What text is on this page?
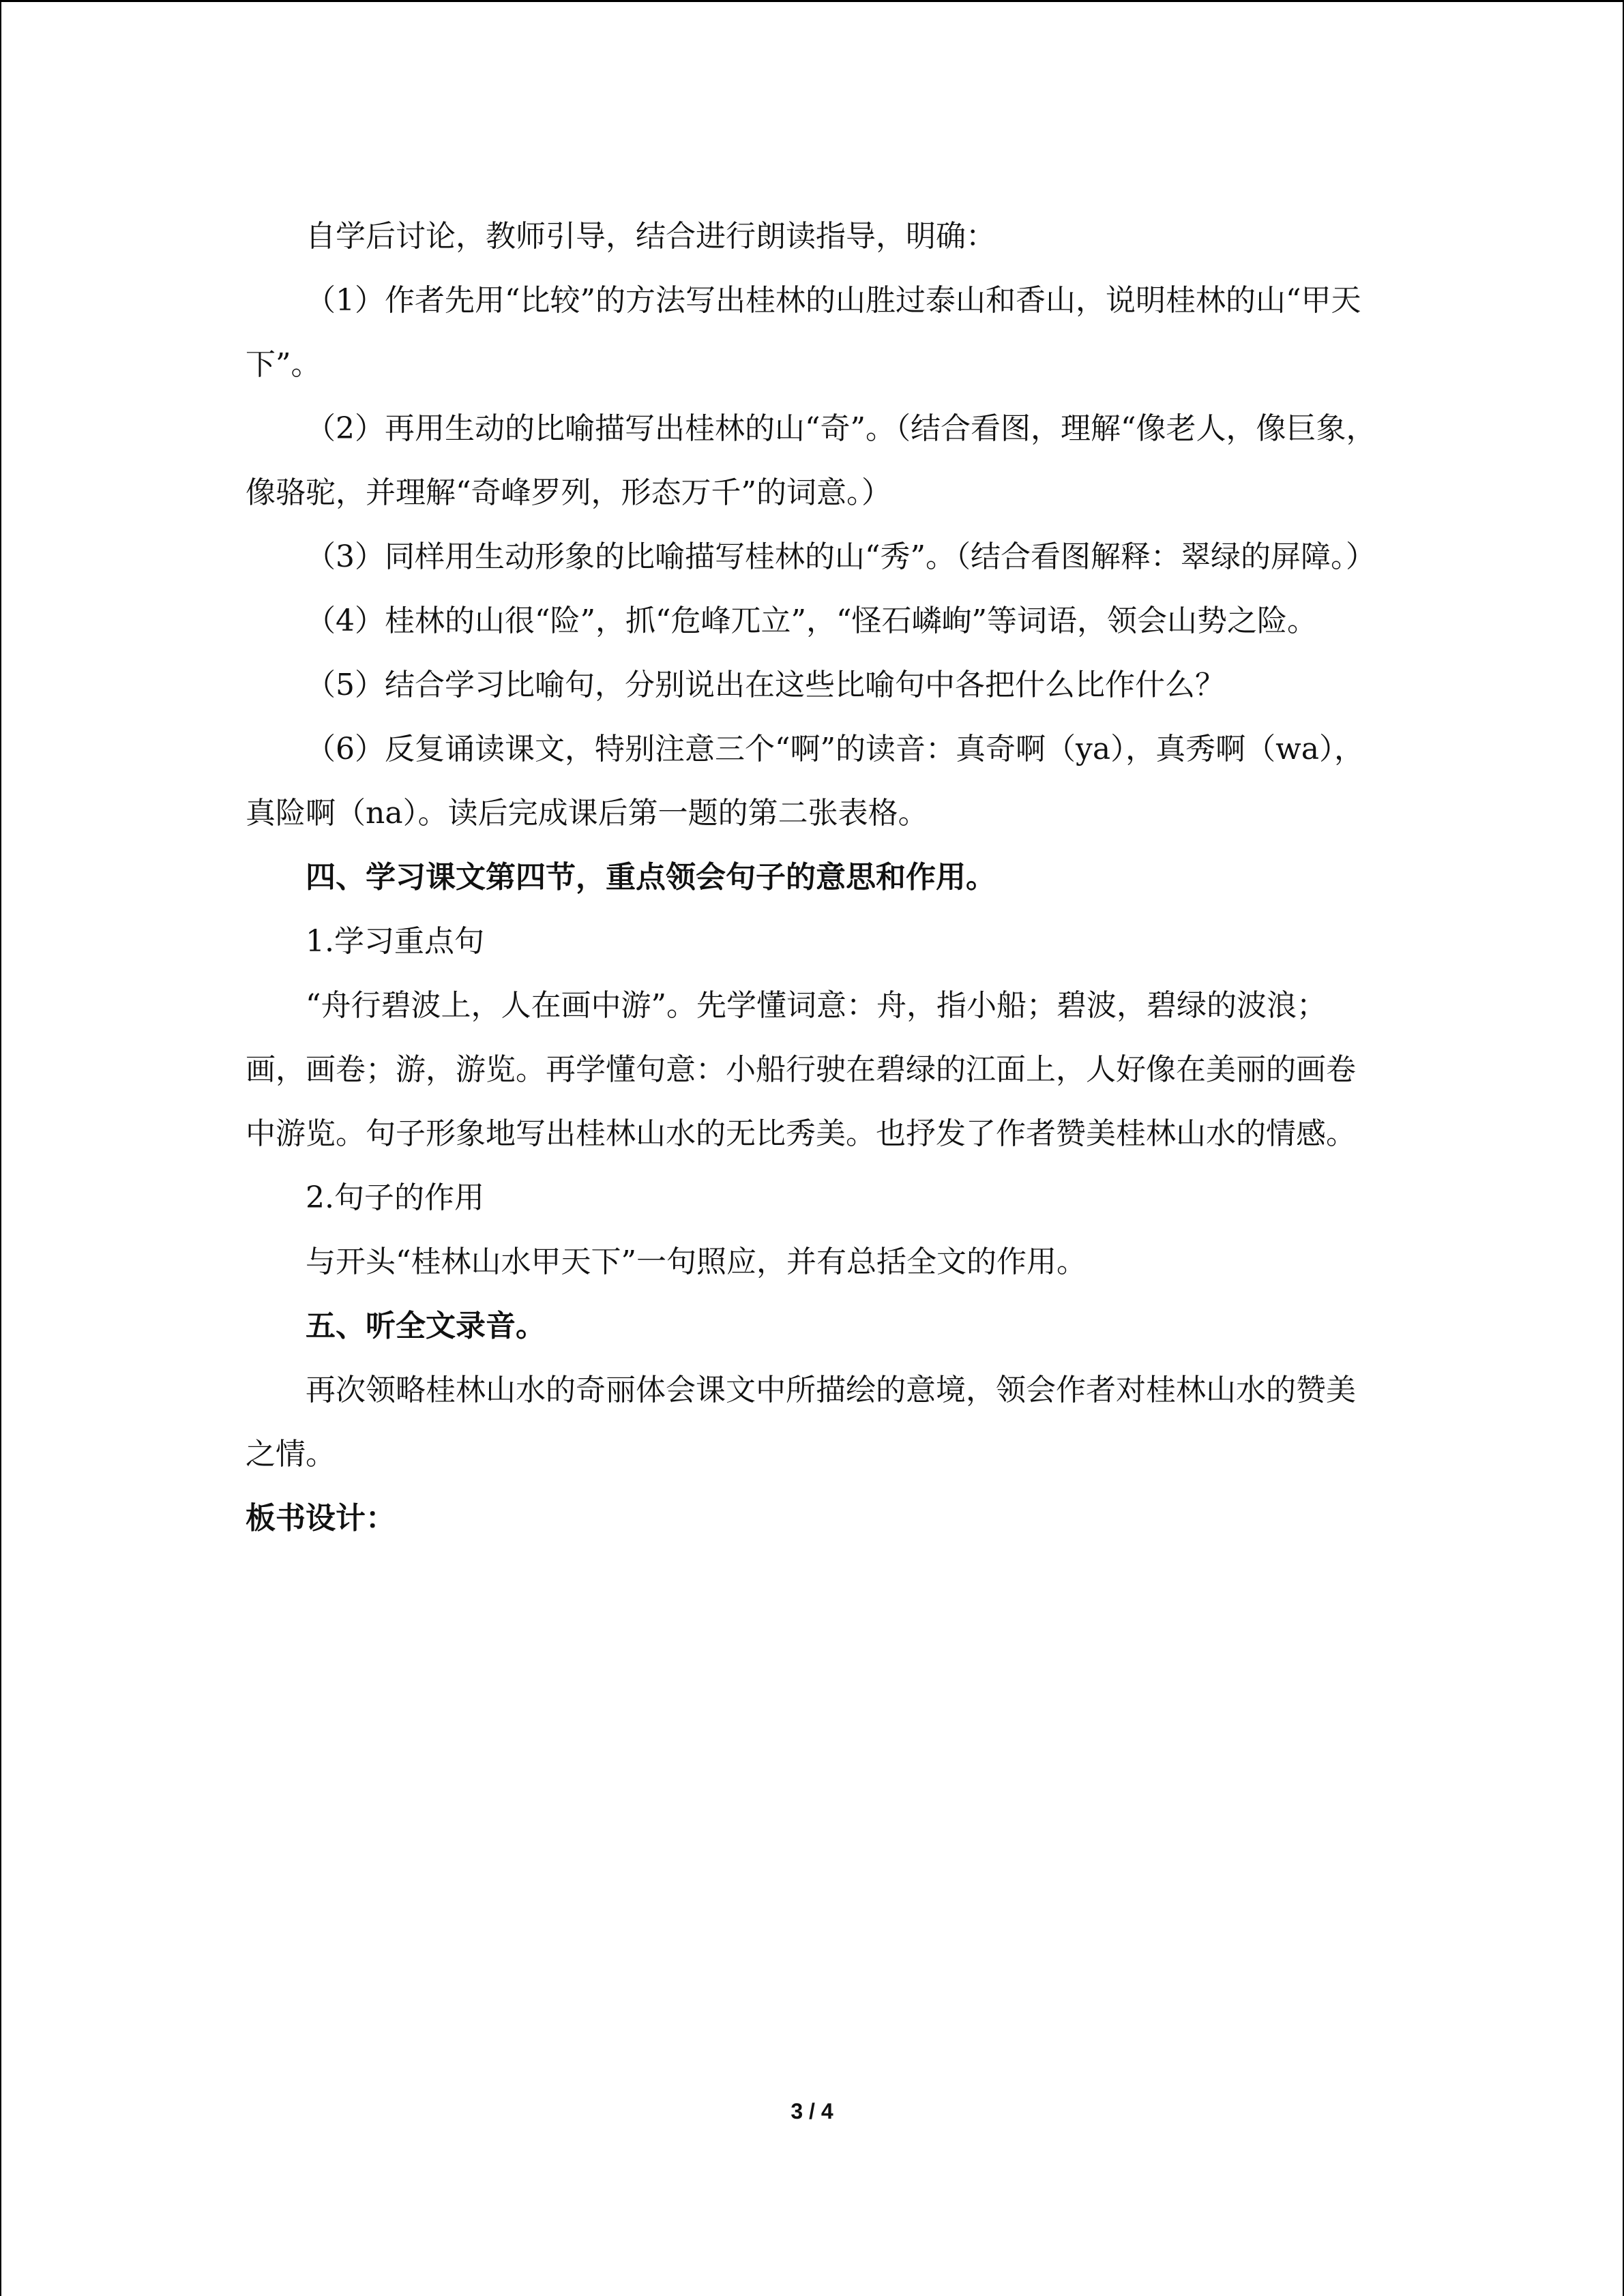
自学后讨论，教师引导，结合进行朗读指导，明确：

（1）作者先用“比较”的方法写出桂林的山胜过泰山和香山，说明桂林的山“甲天下”。

（2）再用生动的比喻描写出桂林的山“奇”。（结合看图，理解“像老人，像巨象，像骆驼，并理解“奇峰罗列，形态万千”的词意。）

（3）同样用生动形象的比喻描写桂林的山“秀”。（结合看图解释：翠绿的屏障。）

（4）桂林的山很“险”，抓“危峰兀立”，“怪石嶙峋”等词语，领会山势之险。

（5）结合学习比喻句，分别说出在这些比喻句中各把什么比作什么？

（6）反复诵读课文，特别注意三个“啊”的读音：真奇啊（ya），真秀啊（wa），真险啊（na）。读后完成课后第一题的第二张表格。

四、学习课文第四节，重点领会句子的意思和作用。

1.学习重点句

“舟行碧波上，人在画中游”。先学懂词意：舟，指小船；碧波，碧绿的波浪；画，画卷；游，游览。再学懂句意：小船行驶在碧绿的江面上，人好像在美丽的画卷中游览。句子形象地写出桂林山水的无比秀美。也抒发了作者赞美桂林山水的情感。

2.句子的作用

与开头“桂林山水甲天下”一句照应，并有总括全文的作用。

五、听全文录音。

再次领略桂林山水的奇丽体会课文中所描绘的意境，领会作者对桂林山水的赞美之情。

板书设计：

3 / 4
